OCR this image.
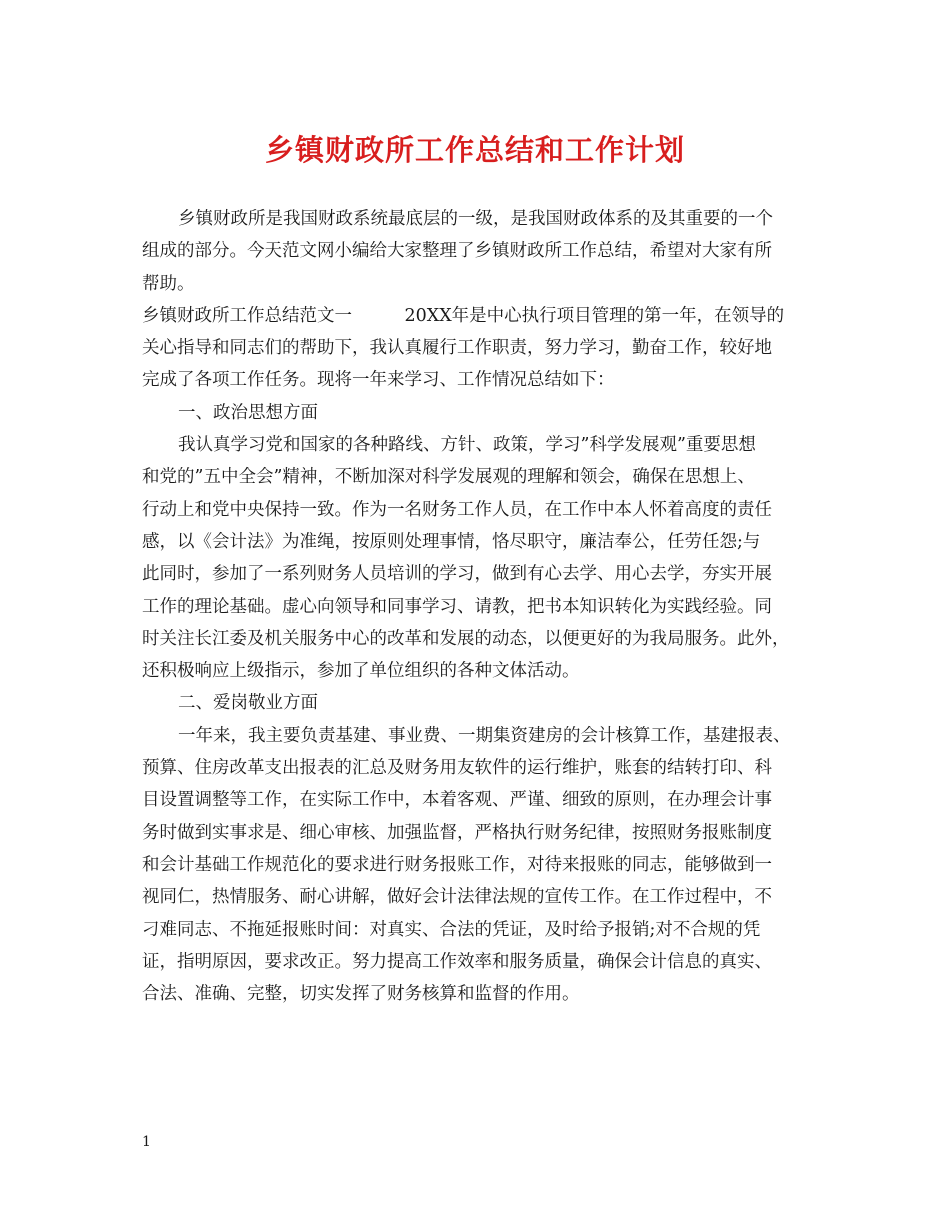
乡镇财政所工作总结和工作计划
乡镇财政所是我国财政系统最底层的一级，是我国财政体系的及其重要的一个
组成的部分。今天范文网小编给大家整理了乡镇财政所工作总结，希望对大家有所
帮助。
乡镇财政所工作总结范文一　　　20XX年是中心执行项目管理的第一年，在领导的
关心指导和同志们的帮助下，我认真履行工作职责，努力学习，勤奋工作，较好地
完成了各项工作任务。现将一年来学习、工作情况总结如下：
一、政治思想方面
我认真学习党和国家的各种路线、方针、政策，学习”科学发展观”重要思想
和党的”五中全会”精神，不断加深对科学发展观的理解和领会，确保在思想上、
行动上和党中央保持一致。作为一名财务工作人员，在工作中本人怀着高度的责任
感，以《会计法》为准绳，按原则处理事情，恪尽职守，廉洁奉公，任劳任怨;与
此同时，参加了一系列财务人员培训的学习，做到有心去学、用心去学，夯实开展
工作的理论基础。虚心向领导和同事学习、请教，把书本知识转化为实践经验。同
时关注长江委及机关服务中心的改革和发展的动态，以便更好的为我局服务。此外，
还积极响应上级指示，参加了单位组织的各种文体活动。
二、爱岗敬业方面
一年来，我主要负责基建、事业费、一期集资建房的会计核算工作，基建报表、
预算、住房改革支出报表的汇总及财务用友软件的运行维护，账套的结转打印、科
目设置调整等工作，在实际工作中，本着客观、严谨、细致的原则，在办理会计事
务时做到实事求是、细心审核、加强监督，严格执行财务纪律，按照财务报账制度
和会计基础工作规范化的要求进行财务报账工作，对待来报账的同志，能够做到一
视同仁，热情服务、耐心讲解，做好会计法律法规的宣传工作。在工作过程中，不
刁难同志、不拖延报账时间：对真实、合法的凭证，及时给予报销;对不合规的凭
证，指明原因，要求改正。努力提高工作效率和服务质量，确保会计信息的真实、
合法、准确、完整，切实发挥了财务核算和监督的作用。
1
